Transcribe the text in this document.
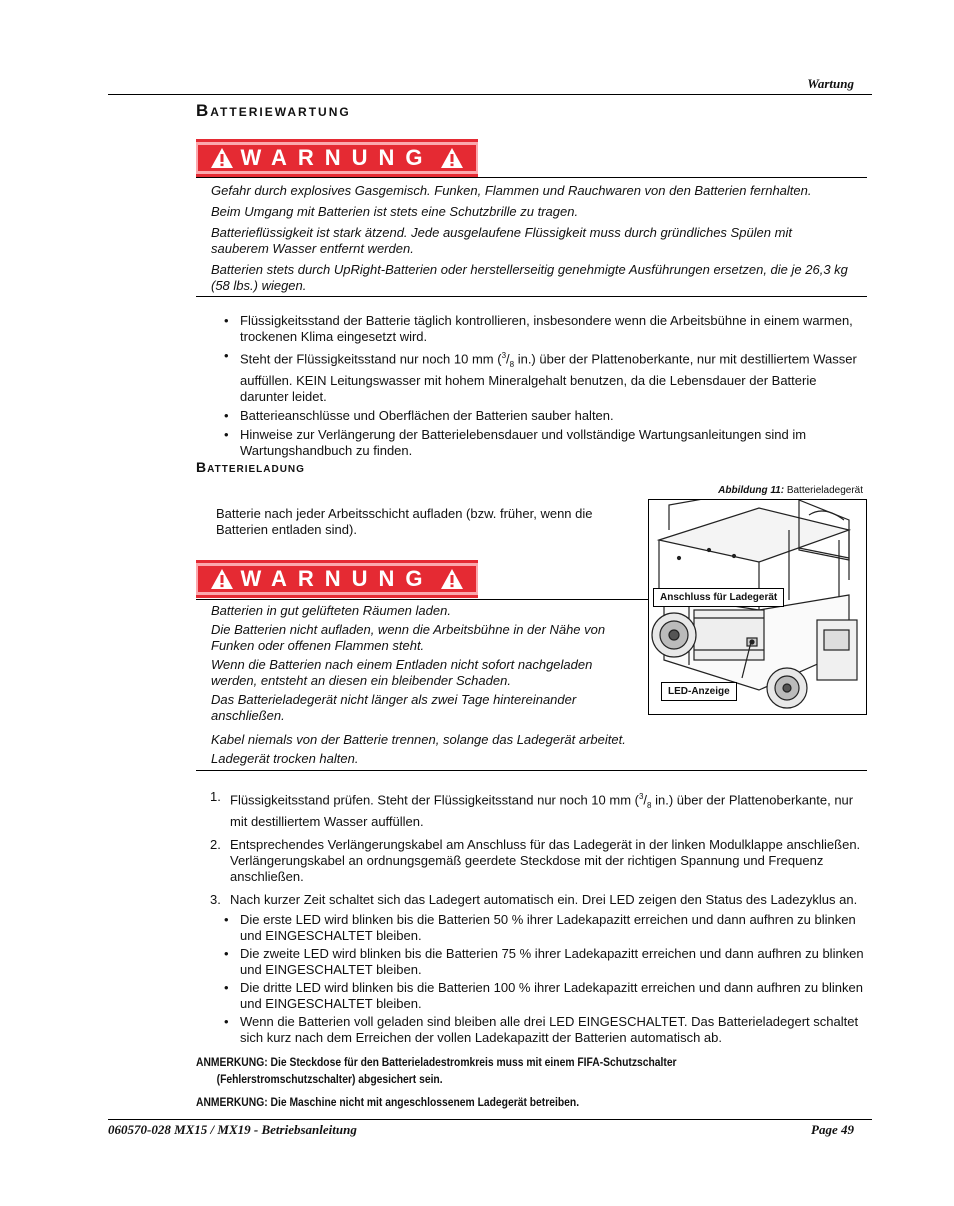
Wartung
Batteriewartung
WARNUNG

Gefahr durch explosives Gasgemisch. Funken, Flammen und Rauchwaren von den Batterien fernhalten.

Beim Umgang mit Batterien ist stets eine Schutzbrille zu tragen.

Batterieflüssigkeit ist stark ätzend. Jede ausgelaufene Flüssigkeit muss durch gründliches Spülen mit sauberem Wasser entfernt werden.

Batterien stets durch UpRight-Batterien oder herstellerseitig genehmigte Ausführungen ersetzen, die je 26,3 kg (58 lbs.) wiegen.

• Flüssigkeitsstand der Batterie täglich kontrollieren, insbesondere wenn die Arbeitsbühne in einem warmen, trockenen Klima eingesetzt wird.
• Steht der Flüssigkeitsstand nur noch 10 mm ($^3/_8$ in.) über der Plattenoberkante, nur mit destilliertem Wasser auffüllen. KEIN Leitungswasser mit hohem Mineralgehalt benutzen, da die Lebensdauer der Batterie darunter leidet.
• Batterieanschlüsse und Oberflächen der Batterien sauber halten.
• Hinweise zur Verlängerung der Batterielebensdauer und vollständige Wartungsanleitungen sind im Wartungshandbuch zu finden.
Batterieladung
Abbildung 11: Batterieladegerät
Anschluss für Ladegerät
LED-Anzeige
Batterie nach jeder Arbeitsschicht aufladen (bzw. früher, wenn die Batterien entladen sind).
WARNUNG

Batterien in gut gelüfteten Räumen laden.

Die Batterien nicht aufladen, wenn die Arbeitsbühne in der Nähe von Funken oder offenen Flammen steht.

Wenn die Batterien nach einem Entladen nicht sofort nachgeladen werden, entsteht an diesen ein bleibender Schaden.

Das Batterieladegerät nicht länger als zwei Tage hintereinander anschließen.

Kabel niemals von der Batterie trennen, solange das Ladegerät arbeitet.

Ladegerät trocken halten.

1. Flüssigkeitsstand prüfen. Steht der Flüssigkeitsstand nur noch 10 mm ($^3/_8$ in.) über der Plattenoberkante, nur mit destilliertem Wasser auffüllen.
2. Entsprechendes Verlängerungskabel am Anschluss für das Ladegerät in der linken Modulklappe anschließen. Verlängerungskabel an ordnungsgemäß geerdete Steckdose mit der richtigen Spannung und Frequenz anschließen.
3. Nach kurzer Zeit schaltet sich das Ladegert automatisch ein. Drei LED zeigen den Status des Ladezyklus an.
• Die erste LED wird blinken bis die Batterien 50 % ihrer Ladekapazitt erreichen und dann aufhren zu blinken und EINGESCHALTET bleiben.
• Die zweite LED wird blinken bis die Batterien 75 % ihrer Ladekapazitt erreichen und dann aufhren zu blinken und EINGESCHALTET bleiben.
• Die dritte LED wird blinken bis die Batterien 100 % ihrer Ladekapazitt erreichen und dann aufhren zu blinken und EINGESCHALTET bleiben.
• Wenn die Batterien voll geladen sind bleiben alle drei LED EINGESCHALTET. Das Batterieladegert schaltet sich kurz nach dem Erreichen der vollen Ladekapazitt der Batterien automatisch ab.
ANMERKUNG: Die Steckdose für den Batterieladestromkreis muss mit einem FIFA-Schutzschalter
(Fehlerstromschutzschalter) abgesichert sein.
ANMERKUNG: Die Maschine nicht mit angeschlossenem Ladegerät betreiben.
060570-028 MX15 / MX19 - Betriebsanleitung	Page 49
